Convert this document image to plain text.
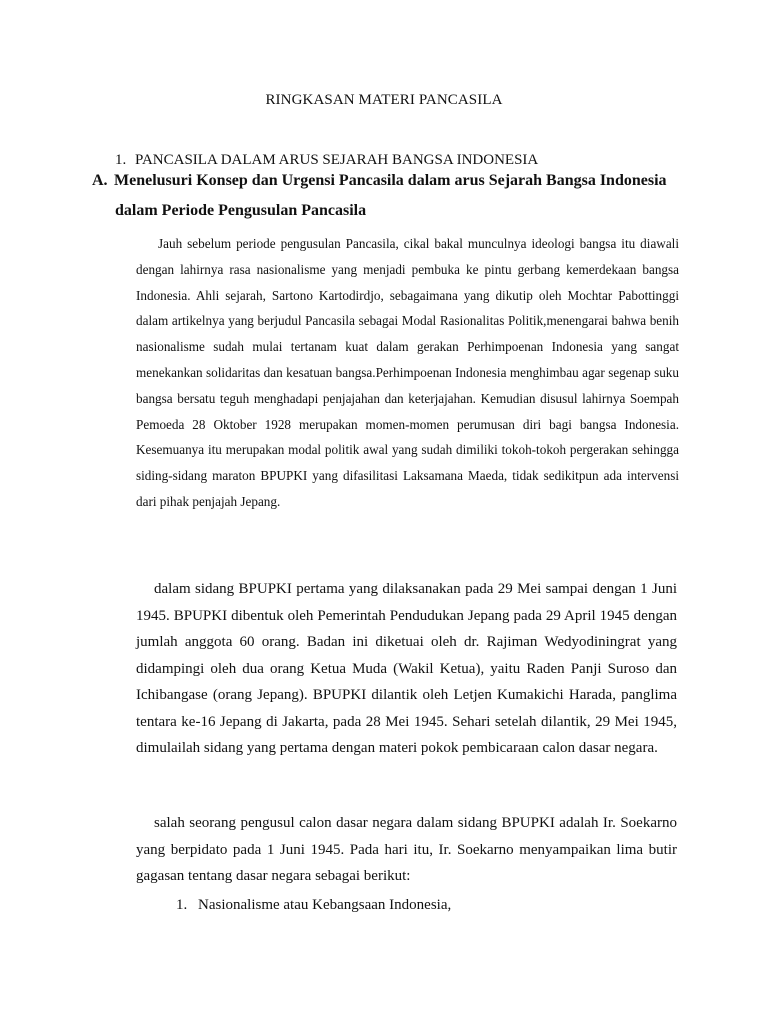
RINGKASAN MATERI PANCASILA
1. PANCASILA DALAM ARUS SEJARAH BANGSA INDONESIA
A. Menelusuri Konsep dan Urgensi Pancasila dalam arus Sejarah Bangsa Indonesia
dalam Periode Pengusulan Pancasila

Jauh sebelum periode pengusulan Pancasila, cikal bakal munculnya ideologi bangsa itu diawali dengan lahirnya rasa nasionalisme yang menjadi pembuka ke pintu gerbang kemerdekaan bangsa Indonesia. Ahli sejarah, Sartono Kartodirdjo, sebagaimana yang dikutip oleh Mochtar Pabottinggi dalam artikelnya yang berjudul Pancasila sebagai Modal Rasionalitas Politik,menengarai bahwa benih nasionalisme sudah mulai tertanam kuat dalam gerakan Perhimpoenan Indonesia yang sangat menekankan solidaritas dan kesatuan bangsa.Perhimpoenan Indonesia menghimbau agar segenap suku bangsa bersatu teguh menghadapi penjajahan dan keterjajahan. Kemudian disusul lahirnya Soempah Pemoeda 28 Oktober 1928 merupakan momen-momen perumusan diri bagi bangsa Indonesia. Kesemuanya itu merupakan modal politik awal yang sudah dimiliki tokoh-tokoh pergerakan sehingga siding-sidang maraton BPUPKI yang difasilitasi Laksamana Maeda, tidak sedikitpun ada intervensi dari pihak penjajah Jepang.

dalam sidang BPUPKI pertama yang dilaksanakan pada 29 Mei sampai dengan 1 Juni 1945. BPUPKI dibentuk oleh Pemerintah Pendudukan Jepang pada 29 April 1945 dengan jumlah anggota 60 orang. Badan ini diketuai oleh dr. Rajiman Wedyodiningrat yang didampingi oleh dua orang Ketua Muda (Wakil Ketua), yaitu Raden Panji Suroso dan Ichibangase (orang Jepang). BPUPKI dilantik oleh Letjen Kumakichi Harada, panglima tentara ke-16 Jepang di Jakarta, pada 28 Mei 1945. Sehari setelah dilantik, 29 Mei 1945, dimulailah sidang yang pertama dengan materi pokok pembicaraan calon dasar negara.

salah seorang pengusul calon dasar negara dalam sidang BPUPKI adalah Ir. Soekarno yang berpidato pada 1 Juni 1945. Pada hari itu, Ir. Soekarno menyampaikan lima butir gagasan tentang dasar negara sebagai berikut:

1. Nasionalisme atau Kebangsaan Indonesia,
